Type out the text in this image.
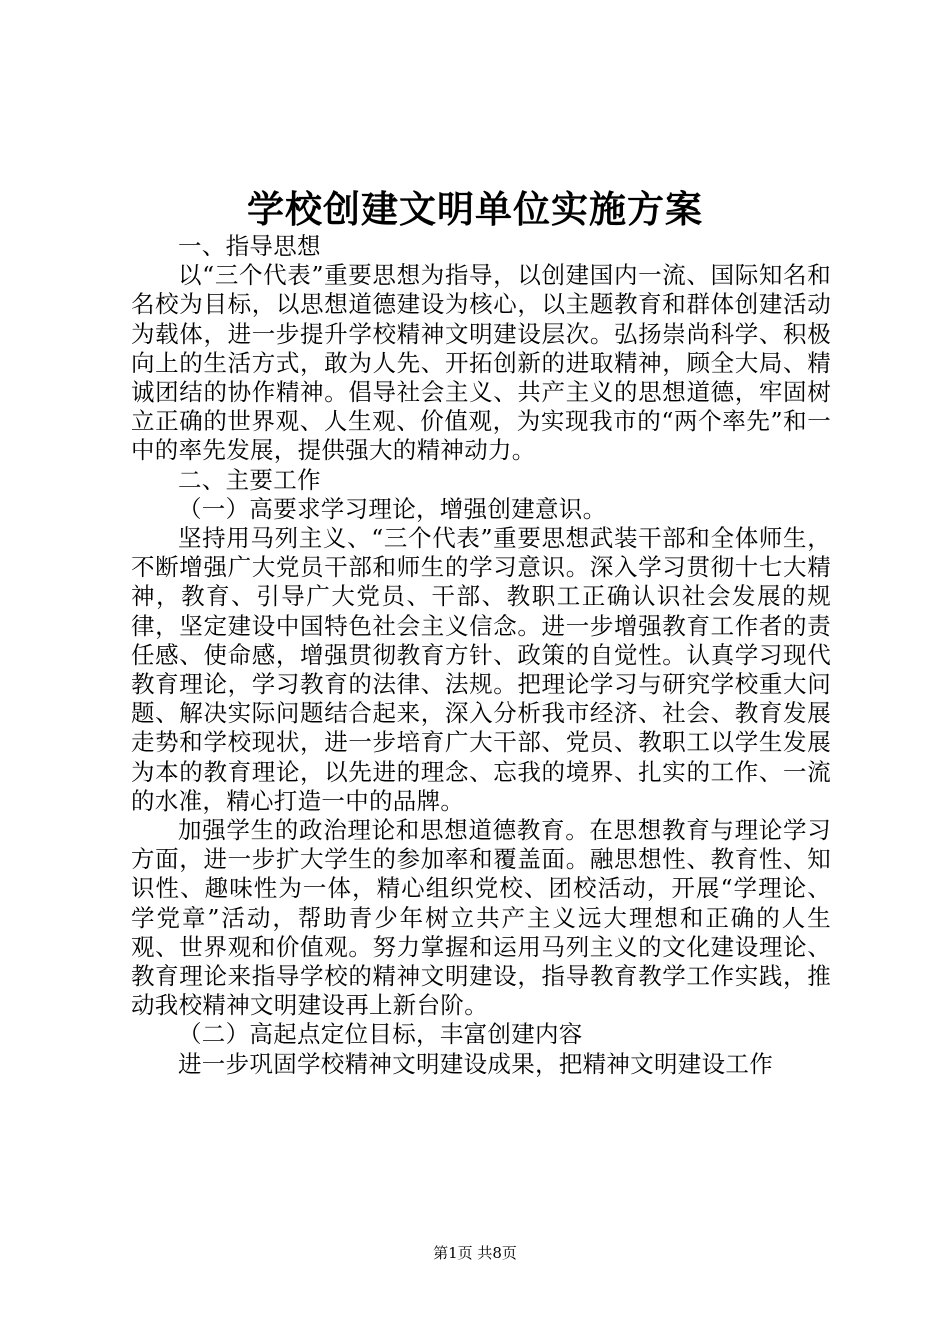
学校创建文明单位实施方案

一、指导思想

以“三个代表”重要思想为指导，以创建国内一流、国际知名和名校为目标，以思想道德建设为核心，以主题教育和群体创建活动为载体，进一步提升学校精神文明建设层次。弘扬崇尚科学、积极向上的生活方式，敢为人先、开拓创新的进取精神，顾全大局、精诚团结的协作精神。倡导社会主义、共产主义的思想道德，牢固树立正确的世界观、人生观、价值观，为实现我市的“两个率先”和一中的率先发展，提供强大的精神动力。

二、主要工作

（一）高要求学习理论，增强创建意识。

坚持用马列主义、“三个代表”重要思想武装干部和全体师生，不断增强广大党员干部和师生的学习意识。深入学习贯彻十七大精神，教育、引导广大党员、干部、教职工正确认识社会发展的规律，坚定建设中国特色社会主义信念。进一步增强教育工作者的责任感、使命感，增强贯彻教育方针、政策的自觉性。认真学习现代教育理论，学习教育的法律、法规。把理论学习与研究学校重大问题、解决实际问题结合起来，深入分析我市经济、社会、教育发展走势和学校现状，进一步培育广大干部、党员、教职工以学生发展为本的教育理论，以先进的理念、忘我的境界、扎实的工作、一流的水准，精心打造一中的品牌。

加强学生的政治理论和思想道德教育。在思想教育与理论学习方面，进一步扩大学生的参加率和覆盖面。融思想性、教育性、知识性、趣味性为一体，精心组织党校、团校活动，开展“学理论、学党章”活动，帮助青少年树立共产主义远大理想和正确的人生观、世界观和价值观。努力掌握和运用马列主义的文化建设理论、教育理论来指导学校的精神文明建设，指导教育教学工作实践，推动我校精神文明建设再上新台阶。

（二）高起点定位目标，丰富创建内容

进一步巩固学校精神文明建设成果，把精神文明建设工作

第1页 共8页
